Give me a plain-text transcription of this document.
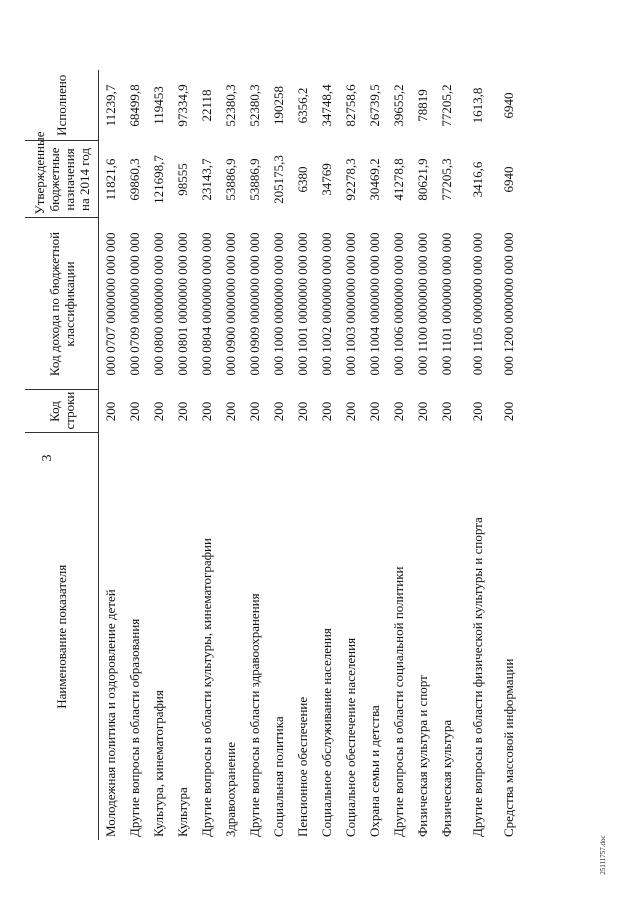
3
Наименование показателя	Код строки	Код дохода по бюджетной классификации	Утвержденные бюджетные назначения на 2014 год	Исполнено
Молодежная политика и оздоровление детей	200	000 0707 0000000 000 000	11821,6	11239,7
Другие вопросы в области образования	200	000 0709 0000000 000 000	69860,3	68499,8
Культура, кинематография	200	000 0800 0000000 000 000	121698,7	119453
Культура	200	000 0801 0000000 000 000	98555	97334,9
Другие вопросы в области культуры, кинематографии	200	000 0804 0000000 000 000	23143,7	22118
Здравоохранение	200	000 0900 0000000 000 000	53886,9	52380,3
Другие вопросы в области здравоохранения	200	000 0909 0000000 000 000	53886,9	52380,3
Социальная политика	200	000 1000 0000000 000 000	205175,3	190258
Пенсионное обеспечение	200	000 1001 0000000 000 000	6380	6356,2
Социальное обслуживание населения	200	000 1002 0000000 000 000	34769	34748,4
Социальное обеспечение населения	200	000 1003 0000000 000 000	92278,3	82758,6
Охрана семьи и детства	200	000 1004 0000000 000 000	30469,2	26739,5
Другие вопросы в области социальной политики	200	000 1006 0000000 000 000	41278,8	39655,2
Физическая культура и спорт	200	000 1100 0000000 000 000	80621,9	78819
Физическая культура	200	000 1101 0000000 000 000	77205,3	77205,2
Другие вопросы в области физической культуры и спорта	200	000 1105 0000000 000 000	3416,6	1613,8
Средства массовой информации	200	000 1200 0000000 000 000	6940	6940
25111757.doc
